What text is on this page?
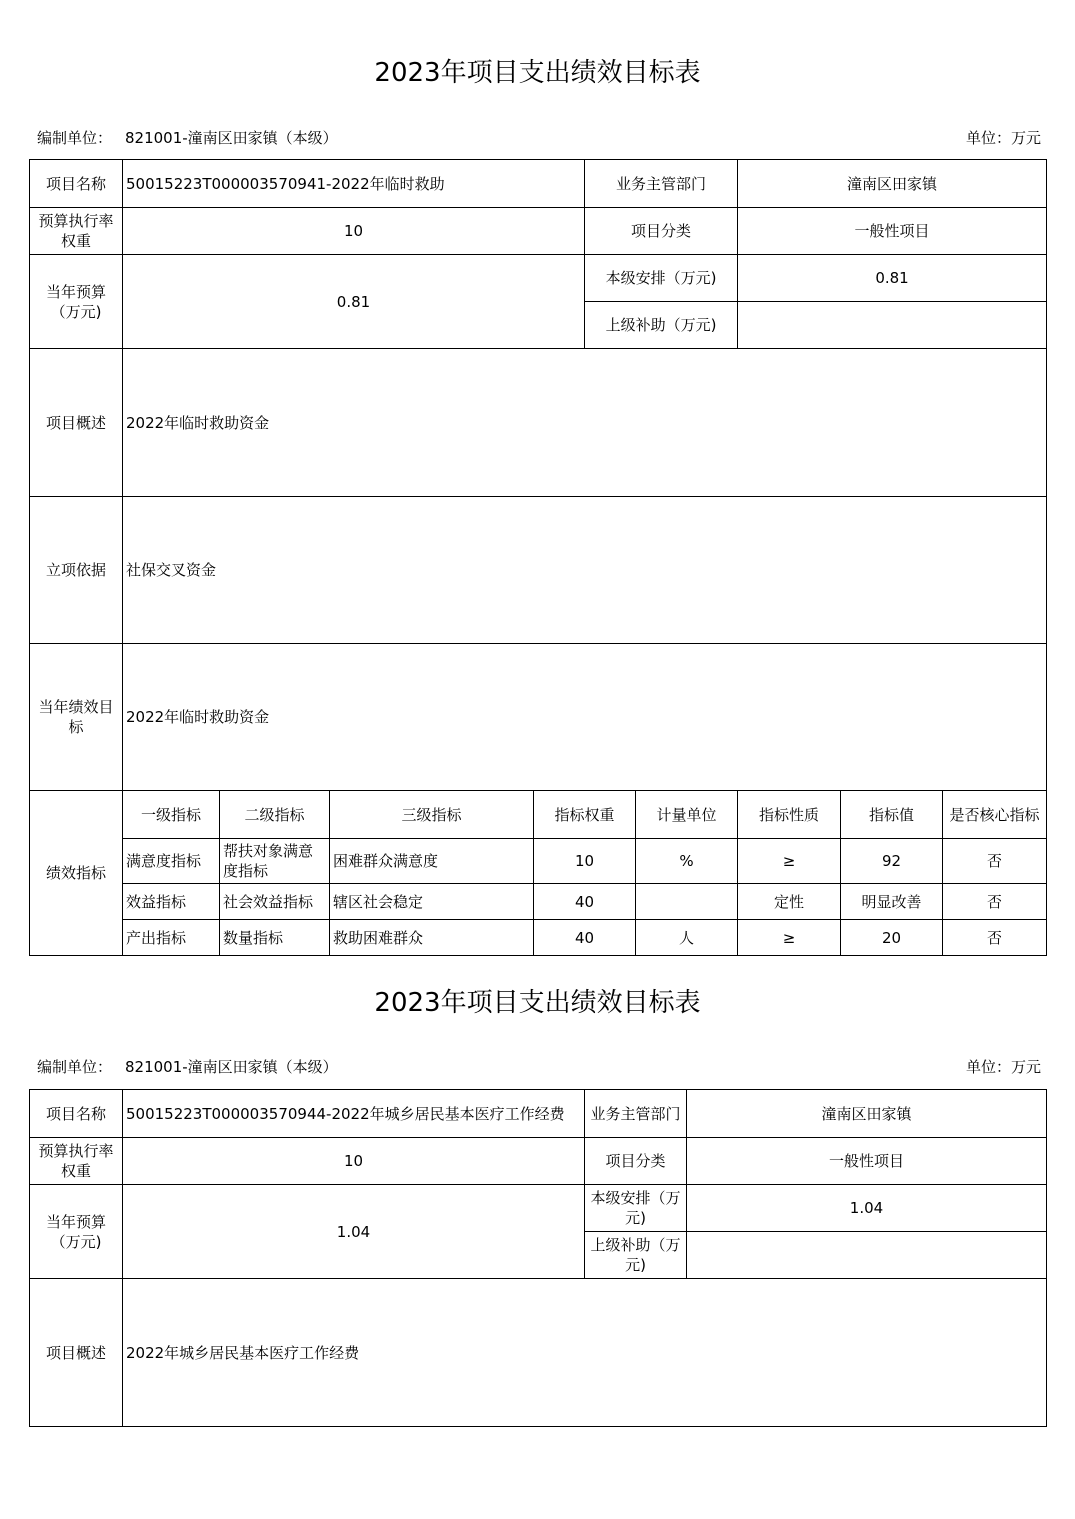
2023年项目支出绩效目标表
编制单位： 821001-潼南区田家镇（本级）	单位：万元
项目名称	50015223T000003570941-2022年临时救助				业务主管部门		潼南区田家镇		
预算执行率权重	10				项目分类		一般性项目		
当年预算（万元)	0.81				本级安排（万元)		0.81		
					上级补助（万元)				
项目概述	2022年临时救助资金								
立项依据	社保交叉资金								
当年绩效目标	2022年临时救助资金								
绩效指标	一级指标	二级指标	三级指标	指标权重		计量单位	指标性质	指标值	是否核心指标
	满意度指标	帮扶对象满意度指标	困难群众满意度	10		%	≥	92	否
	效益指标	社会效益指标	辖区社会稳定	40			定性	明显改善	否
	产出指标	数量指标	救助困难群众	40		人	≥	20	否
2023年项目支出绩效目标表
编制单位： 821001-潼南区田家镇（本级）	单位：万元
项目名称	50015223T000003570944-2022年城乡居民基本医疗工作经费	业务主管部门	潼南区田家镇
预算执行率权重	10	项目分类	一般性项目
当年预算（万元)	1.04	本级安排（万元)	1.04
		上级补助（万元)	
项目概述	2022年城乡居民基本医疗工作经费		
